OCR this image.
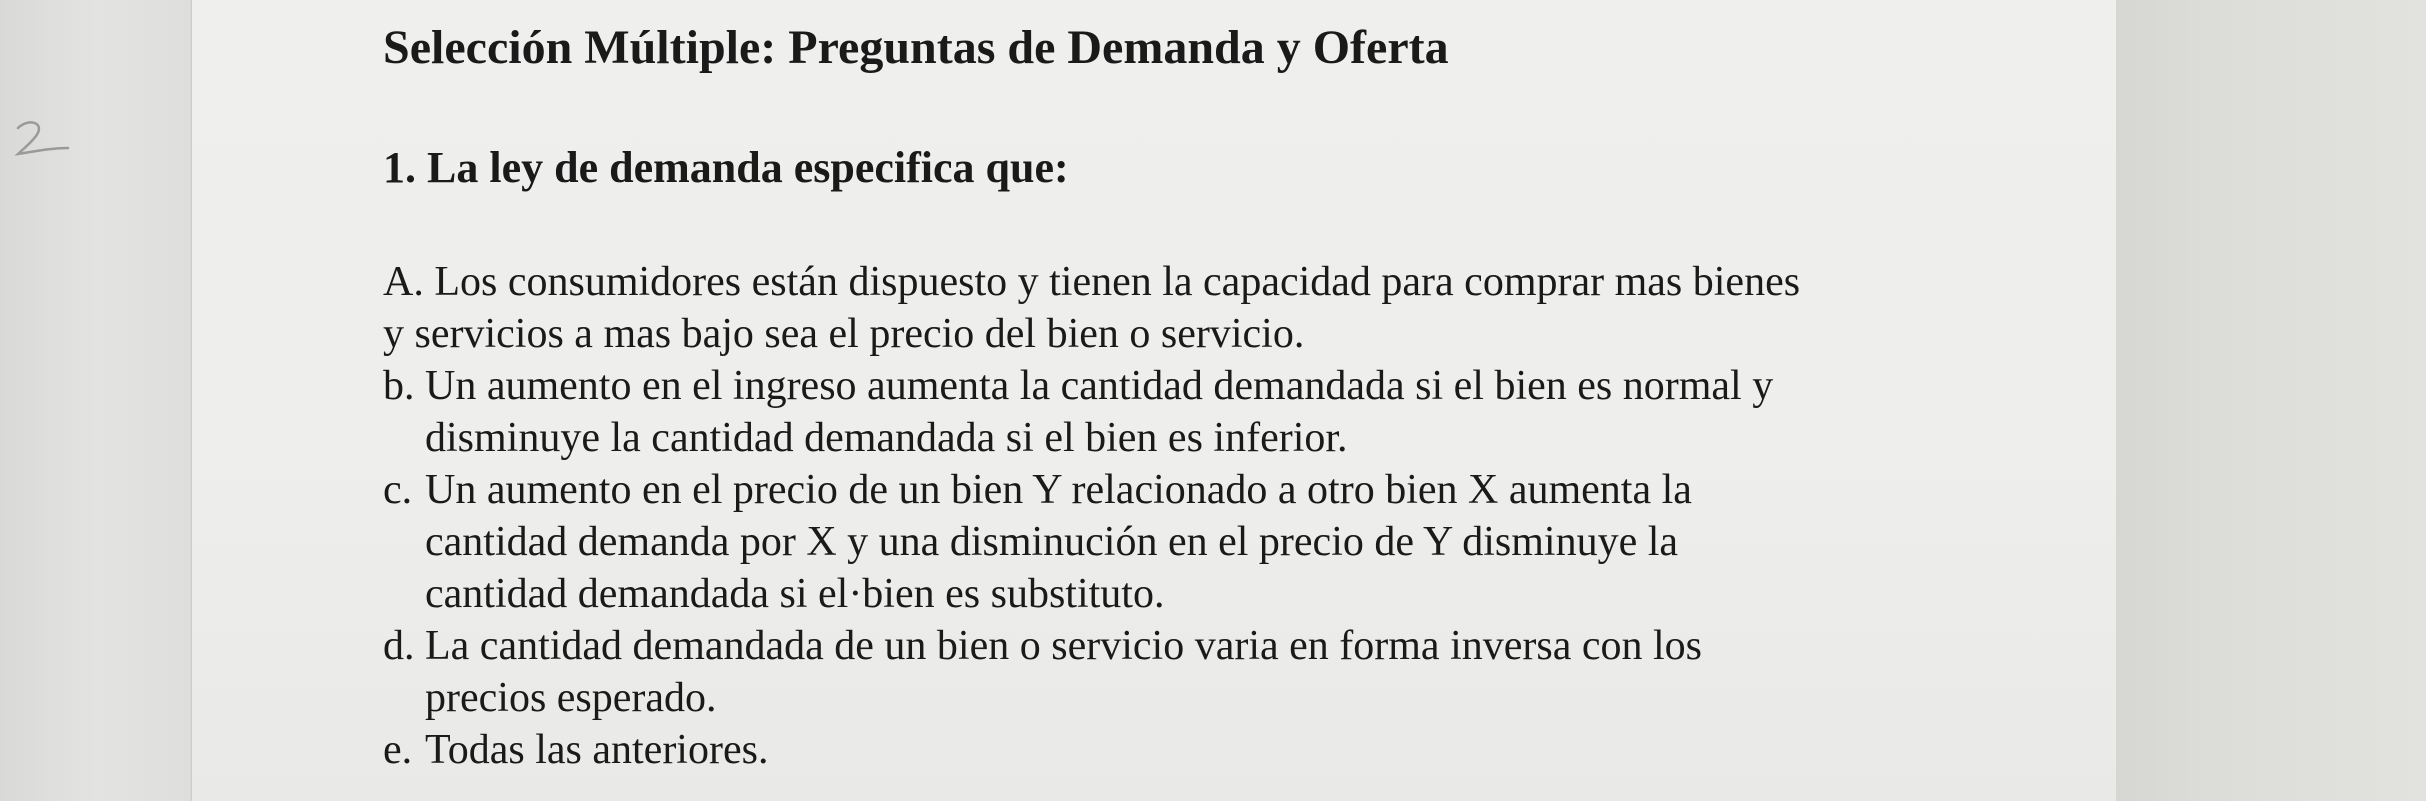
Selección Múltiple: Preguntas de Demanda y Oferta
1. La ley de demanda especifica que:
A. Los consumidores están dispuesto y tienen la capacidad para comprar mas bienes y servicios a mas bajo sea el precio del bien o servicio.
b. Un aumento en el ingreso aumenta la cantidad demandada si el bien es normal y disminuye la cantidad demandada si el bien es inferior.
c. Un aumento en el precio de un bien Y relacionado a otro bien X aumenta la cantidad demanda por X y una disminución en el precio de Y disminuye la cantidad demandada si el·bien es substituto.
d. La cantidad demandada de un bien o servicio varia en forma inversa con los precios esperado.
e. Todas las anteriores.
